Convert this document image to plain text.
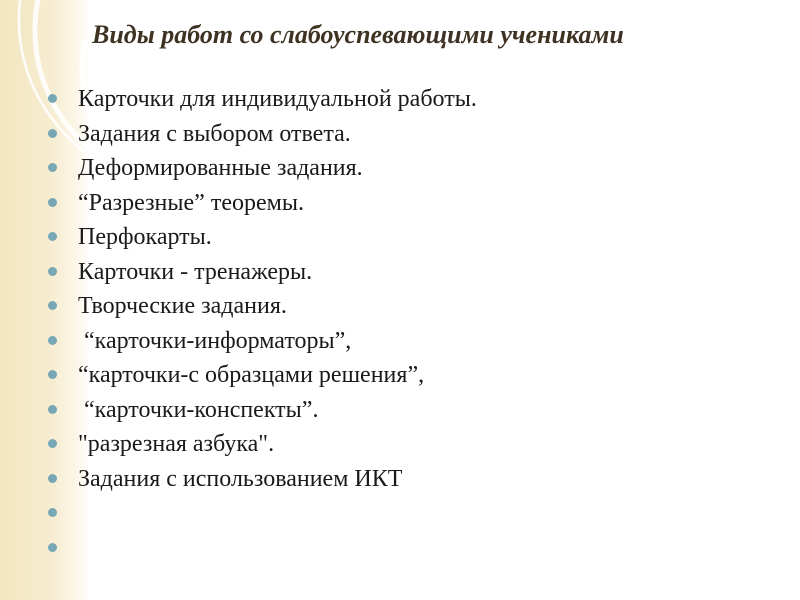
Виды работ со слабоуспевающими учениками

Карточки для индивидуальной работы.

Задания с выбором ответа.

Деформированные задания.

“Разрезные” теоремы.

Перфокарты.

Карточки - тренажеры.

Творческие задания.

“карточки-информаторы”,

“карточки-с образцами решения”,

“карточки-конспекты”.

"разрезная азбука".

Задания с использованием ИКТ
